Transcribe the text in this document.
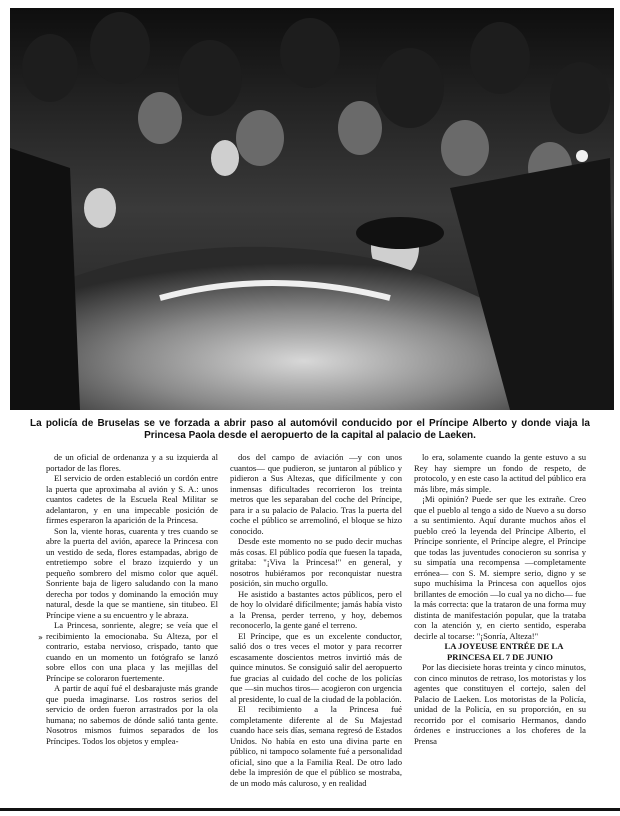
La policía de Bruselas se ve forzada a abrir paso al automóvil conducido por el Príncipe Alberto y donde viaja la Princesa Paola desde el aeropuerto de la capital al palacio de Laeken.

de un oficial de ordenanza y a su izquierda al portador de las flores.

El servicio de orden estableció un cordón entre la puerta que aproximaba al avión y S. A.: unos cuantos cadetes de la Escuela Real Militar se adelantaron, y en una impecable posición de firmes esperaron la aparición de la Princesa.

Son la, viente horas, cuarenta y tres cuando se abre la puerta del avión, aparece la Princesa con un vestido de seda, flores estampadas, abrigo de entretiempo sobre el brazo izquierdo y un pequeño sombrero del mismo color que aquél. Sonriente baja de ligero saludando con la mano derecha por todos y dominando la emoción muy natural, desde la que se mantiene, sin titubeo. El Príncipe viene a su encuentro y le abraza.

La Princesa, sonriente, alegre; se veía que el recibimiento la emocionaba. Su Alteza, por el contrario, estaba nervioso, crispado, tanto que cuando en un momento un fotógrafo se lanzó sobre ellos con una placa y las mejillas del Príncipe se coloraron fuertemente.

A partir de aquí fué el desbarajuste más grande que pueda imaginarse. Los rostros serios del servicio de orden fueron arrastrados por la ola humana; no sabemos de dónde salió tanta gente. Nosotros mismos fuimos separados de los Príncipes. Todos los objetos y emplea-

dos del campo de aviación —y con unos cuantos— que pudieron, se juntaron al público y pidieron a Sus Altezas, que difícilmente y con inmensas dificultades recorrieron los treinta metros que les separaban del coche del Príncipe, para ir a su palacio de Palacio. Tras la puerta del coche el público se arremolinó, el bloque se hizo conocido.

Desde este momento no se pudo decir muchas más cosas. El público podía que fuesen la tapada, gritaba: "¡Viva la Princesa!" en general, y nosotros hubiéramos por reconquistar nuestra posición, sin mucho orgullo.

He asistido a bastantes actos públicos, pero el de hoy lo olvidaré difícilmente; jamás había visto a la Prensa, perder terreno, y hoy, debemos reconocerlo, la gente gané el terreno.

El Príncipe, que es un excelente conductor, salió dos o tres veces el motor y para recorrer escasamente doscientos metros invirtió más de quince minutos. Se consiguió salir del aeropuerto fue gracias al cuidado del coche de los policías que —sin muchos tiros— acogieron con urgencia al presidente, lo cual de la ciudad de la población.

El recibimiento a la Princesa fué completamente diferente al de Su Majestad cuando hace seis días, semana regresó de Estados Unidos. No había en esto una divina parte en público, ni tampoco solamente fué a personalidad oficial, sino que a la Familia Real. De otro lado debe la impresión de que el público se mostraba, de un modo más caluroso, y en realidad

lo era, solamente cuando la gente estuvo a su Rey hay siempre un fondo de respeto, de protocolo, y en este caso la actitud del público era más libre, más simple.

¡Mi opinión? Puede ser que les extrañe. Creo que el pueblo al tengo a sido de Nuevo a su dorso a su sentimiento. Aquí durante muchos años el pueblo creó la leyenda del Príncipe Alberto, el Príncipe sonriente, el Príncipe alegre, el Príncipe que todas las juventudes conocieron su sonrisa y su simpatía una recompensa —completamente errónea— con S. M. siempre serio, digno y se supo muchísima la Princesa con aquellos ojos brillantes de emoción —lo cual ya no dicho— fue la más correcta: que la trataron de una forma muy distinta de manifestación popular, que la trataba con la atención y, en cierto sentido, esperaba decirle al tocarse: "¡Sonría, Alteza!"

LA JOYEUSE ENTRÉE DE LA PRINCESA EL 7 DE JUNIO

Por las diecisiete horas treinta y cinco minutos, con cinco minutos de retraso, los motoristas y los agentes que constituyen el cortejo, salen del Palacio de Laeken. Los motoristas de la Policía, unidad de la Policía, en su proporción, en su recorrido por el comisario Hermanos, dando órdenes e instrucciones a los choferes de la Prensa

»
